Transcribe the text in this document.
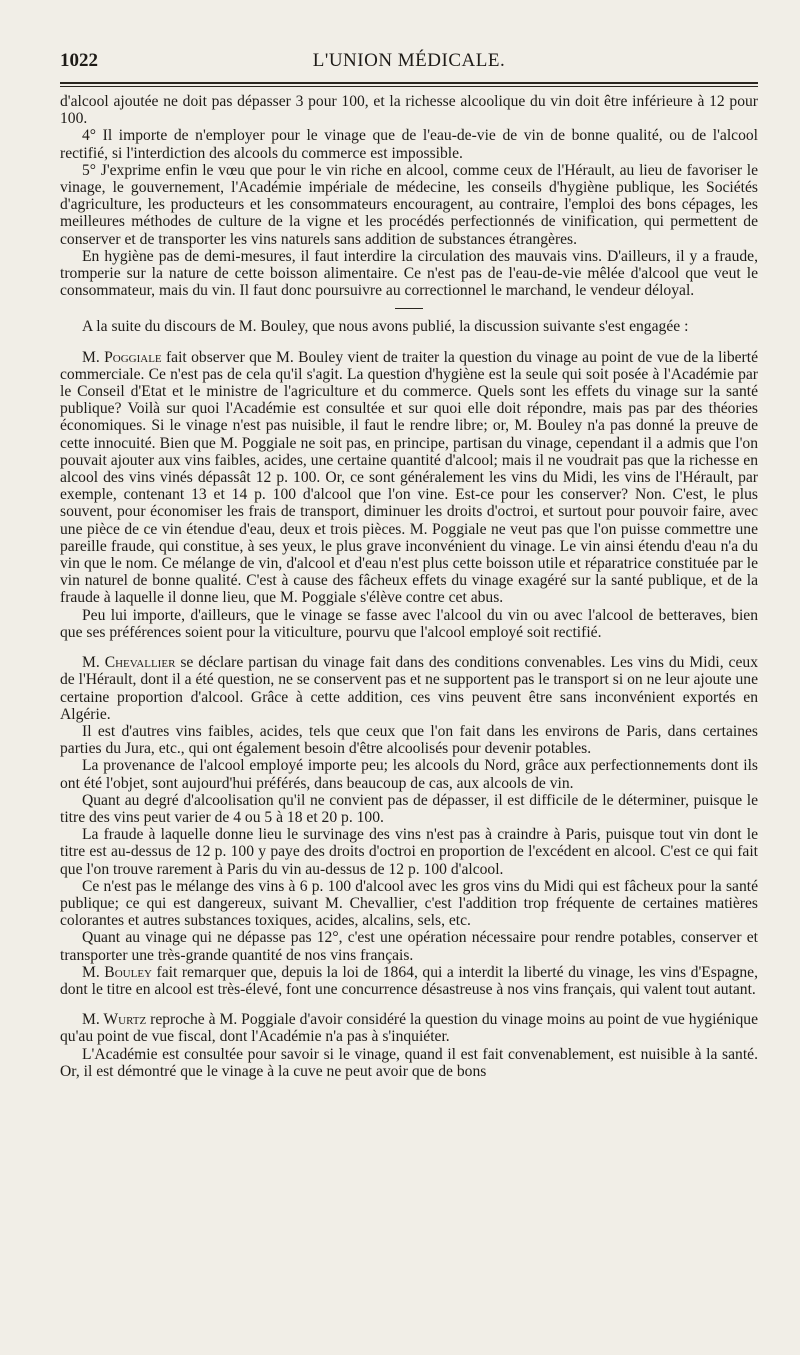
1022	L'UNION MÉDICALE.

d'alcool ajoutée ne doit pas dépasser 3 pour 100, et la richesse alcoolique du vin doit être inférieure à 12 pour 100.

4° Il importe de n'employer pour le vinage que de l'eau-de-vie de vin de bonne qualité, ou de l'alcool rectifié, si l'interdiction des alcools du commerce est impossible.

5° J'exprime enfin le vœu que pour le vin riche en alcool, comme ceux de l'Hérault, au lieu de favoriser le vinage, le gouvernement, l'Académie impériale de médecine, les conseils d'hygiène publique, les Sociétés d'agriculture, les producteurs et les consommateurs encouragent, au contraire, l'emploi des bons cépages, les meilleures méthodes de culture de la vigne et les procédés perfectionnés de vinification, qui permettent de conserver et de transporter les vins naturels sans addition de substances étrangères.

En hygiène pas de demi-mesures, il faut interdire la circulation des mauvais vins. D'ailleurs, il y a fraude, tromperie sur la nature de cette boisson alimentaire. Ce n'est pas de l'eau-de-vie mêlée d'alcool que veut le consommateur, mais du vin. Il faut donc poursuivre au correctionnel le marchand, le vendeur déloyal.

A la suite du discours de M. Bouley, que nous avons publié, la discussion suivante s'est engagée :

M. Poggiale fait observer que M. Bouley vient de traiter la question du vinage au point de vue de la liberté commerciale. Ce n'est pas de cela qu'il s'agit. La question d'hygiène est la seule qui soit posée à l'Académie par le Conseil d'Etat et le ministre de l'agriculture et du commerce. Quels sont les effets du vinage sur la santé publique? Voilà sur quoi l'Académie est consultée et sur quoi elle doit répondre, mais pas par des théories économiques. Si le vinage n'est pas nuisible, il faut le rendre libre; or, M. Bouley n'a pas donné la preuve de cette innocuité. Bien que M. Poggiale ne soit pas, en principe, partisan du vinage, cependant il a admis que l'on pouvait ajouter aux vins faibles, acides, une certaine quantité d'alcool; mais il ne voudrait pas que la richesse en alcool des vins vinés dépassât 12 p. 100. Or, ce sont généralement les vins du Midi, les vins de l'Hérault, par exemple, contenant 13 et 14 p. 100 d'alcool que l'on vine. Est-ce pour les conserver? Non. C'est, le plus souvent, pour économiser les frais de transport, diminuer les droits d'octroi, et surtout pour pouvoir faire, avec une pièce de ce vin étendue d'eau, deux et trois pièces. M. Poggiale ne veut pas que l'on puisse commettre une pareille fraude, qui constitue, à ses yeux, le plus grave inconvénient du vinage. Le vin ainsi étendu d'eau n'a du vin que le nom. Ce mélange de vin, d'alcool et d'eau n'est plus cette boisson utile et réparatrice constituée par le vin naturel de bonne qualité. C'est à cause des fâcheux effets du vinage exagéré sur la santé publique, et de la fraude à laquelle il donne lieu, que M. Poggiale s'élève contre cet abus.

Peu lui importe, d'ailleurs, que le vinage se fasse avec l'alcool du vin ou avec l'alcool de betteraves, bien que ses préférences soient pour la viticulture, pourvu que l'alcool employé soit rectifié.

M. Chevallier se déclare partisan du vinage fait dans des conditions convenables. Les vins du Midi, ceux de l'Hérault, dont il a été question, ne se conservent pas et ne supportent pas le transport si on ne leur ajoute une certaine proportion d'alcool. Grâce à cette addition, ces vins peuvent être sans inconvénient exportés en Algérie.

Il est d'autres vins faibles, acides, tels que ceux que l'on fait dans les environs de Paris, dans certaines parties du Jura, etc., qui ont également besoin d'être alcoolisés pour devenir potables.

La provenance de l'alcool employé importe peu; les alcools du Nord, grâce aux perfectionnements dont ils ont été l'objet, sont aujourd'hui préférés, dans beaucoup de cas, aux alcools de vin.

Quant au degré d'alcoolisation qu'il ne convient pas de dépasser, il est difficile de le déterminer, puisque le titre des vins peut varier de 4 ou 5 à 18 et 20 p. 100.

La fraude à laquelle donne lieu le survinage des vins n'est pas à craindre à Paris, puisque tout vin dont le titre est au-dessus de 12 p. 100 y paye des droits d'octroi en proportion de l'excédent en alcool. C'est ce qui fait que l'on trouve rarement à Paris du vin au-dessus de 12 p. 100 d'alcool.

Ce n'est pas le mélange des vins à 6 p. 100 d'alcool avec les gros vins du Midi qui est fâcheux pour la santé publique; ce qui est dangereux, suivant M. Chevallier, c'est l'addition trop fréquente de certaines matières colorantes et autres substances toxiques, acides, alcalins, sels, etc.

Quant au vinage qui ne dépasse pas 12°, c'est une opération nécessaire pour rendre potables, conserver et transporter une très-grande quantité de nos vins français.

M. Bouley fait remarquer que, depuis la loi de 1864, qui a interdit la liberté du vinage, les vins d'Espagne, dont le titre en alcool est très-élevé, font une concurrence désastreuse à nos vins français, qui valent tout autant.

M. Wurtz reproche à M. Poggiale d'avoir considéré la question du vinage moins au point de vue hygiénique qu'au point de vue fiscal, dont l'Académie n'a pas à s'inquiéter.

L'Académie est consultée pour savoir si le vinage, quand il est fait convenablement, est nuisible à la santé. Or, il est démontré que le vinage à la cuve ne peut avoir que de bons
